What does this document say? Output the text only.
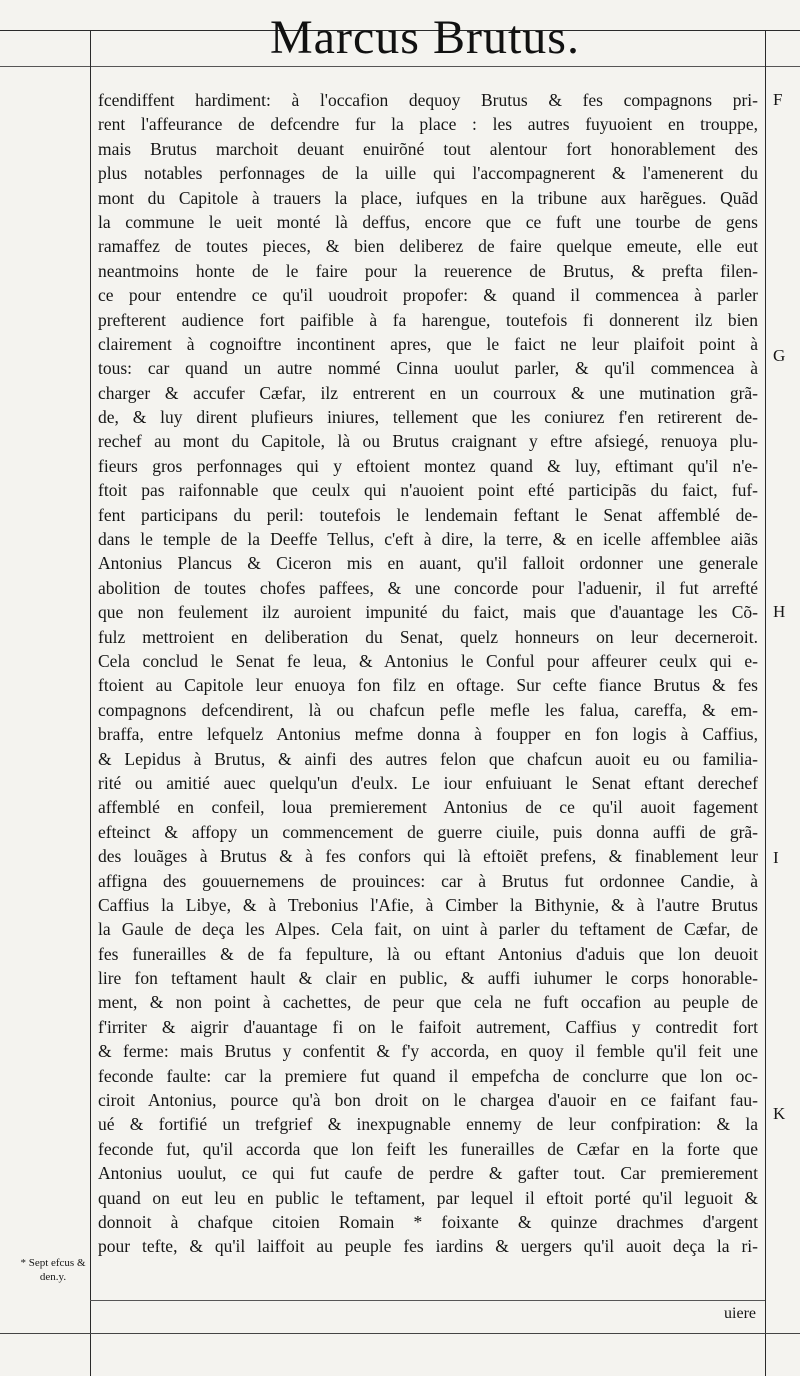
Marcus Brutus.
fcendiffent hardiment: à l'occafion dequoy Brutus & fes compagnons pri-
rent l'affeurance de defcendre fur la place : les autres fuyuoient en trouppe,
mais Brutus marchoit deuant enuirõné tout alentour fort honorablement des
plus notables perfonnages de la uille qui l'accompagnerent & l'amenerent du
mont du Capitole à trauers la place, iufques en la tribune aux harẽgues. Quãd
la commune le ueit monté là deffus, encore que ce fuft une tourbe de gens
ramaffez de toutes pieces, & bien deliberez de faire quelque emeute, elle eut
neantmoins honte de le faire pour la reuerence de Brutus, & prefta filen-
ce pour entendre ce qu'il uoudroit propofer: & quand il commencea à parler
prefterent audience fort paifible à fa harengue, toutefois fi donnerent ilz bien
clairement à cognoiftre incontinent apres, que le faict ne leur plaifoit point à
tous: car quand un autre nommé Cinna uoulut parler, & qu'il commencea à
charger & accufer Cæfar, ilz entrerent en un courroux & une mutination grã-
de, & luy dirent plufieurs iniures, tellement que les coniurez f'en retirerent de-
rechef au mont du Capitole, là ou Brutus craignant y eftre afsiegé, renuoya plu-
fieurs gros perfonnages qui y eftoient montez quand & luy, eftimant qu'il n'e-
ftoit pas raifonnable que ceulx qui n'auoient point efté participãs du faict, fuf-
fent participans du peril: toutefois le lendemain feftant le Senat affemblé de-
dans le temple de la Deeffe Tellus, c'eft à dire, la terre, & en icelle affemblee aiãs
Antonius Plancus & Ciceron mis en auant, qu'il falloit ordonner une generale
abolition de toutes chofes paffees, & une concorde pour l'aduenir, il fut arrefté
que non feulement ilz auroient impunité du faict, mais que d'auantage les Cõ-
fulz mettroient en deliberation du Senat, quelz honneurs on leur decerneroit.
Cela conclud le Senat fe leua, & Antonius le Conful pour affeurer ceulx qui e-
ftoient au Capitole leur enuoya fon filz en oftage. Sur cefte fiance Brutus & fes
compagnons defcendirent, là ou chafcun pefle mefle les falua, careffa, & em-
braffa, entre lefquelz Antonius mefme donna à foupper en fon logis à Caffius,
& Lepidus à Brutus, & ainfi des autres felon que chafcun auoit eu ou familia-
rité ou amitié auec quelqu'un d'eulx. Le iour enfuiuant le Senat eftant derechef
affemblé en confeil, loua premierement Antonius de ce qu'il auoit fagement
efteinct & affopy un commencement de guerre ciuile, puis donna auffi de grã-
des louãges à Brutus & à fes confors qui là eftoiẽt prefens, & finablement leur
affigna des gouuernemens de prouinces: car à Brutus fut ordonnee Candie, à
Caffius la Libye, & à Trebonius l'Afie, à Cimber la Bithynie, & à l'autre Brutus
la Gaule de deça les Alpes. Cela fait, on uint à parler du teftament de Cæfar, de
fes funerailles & de fa fepulture, là ou eftant Antonius d'aduis que lon deuoit
lire fon teftament hault & clair en public, & auffi iuhumer le corps honorable-
ment, & non point à cachettes, de peur que cela ne fuft occafion au peuple de
f'irriter & aigrir d'auantage fi on le faifoit autrement, Caffius y contredit fort
& ferme: mais Brutus y confentit & f'y accorda, en quoy il femble qu'il feit une
feconde faulte: car la premiere fut quand il empefcha de conclurre que lon oc-
ciroit Antonius, pource qu'à bon droit on le chargea d'auoir en ce faifant fau-
ué & fortifié un trefgrief & inexpugnable ennemy de leur confpiration: & la
feconde fut, qu'il accorda que lon feift les funerailles de Cæfar en la forte que
Antonius uoulut, ce qui fut caufe de perdre & gafter tout. Car premierement
quand on eut leu en public le teftament, par lequel il eftoit porté qu'il leguoit &
donnoit à chafque citoien Romain * foixante & quinze drachmes d'argent
pour tefte, & qu'il laiffoit au peuple fes iardins & uergers qu'il auoit deça la ri-
F
G
H
I
K
* Sept efcus & den.y.
uiere
